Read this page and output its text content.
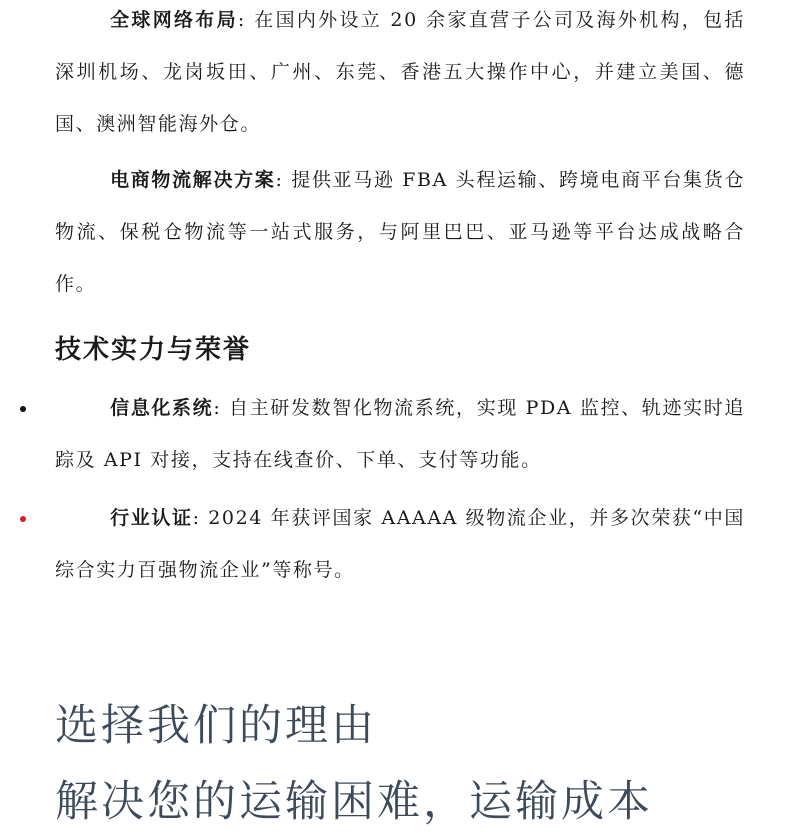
全球网络布局: 在国内外设立 20 余家直营子公司及海外机构，包括深圳机场、龙岗坂田、广州、东莞、香港五大操作中心，并建立美国、德国、澳洲智能海外仓。

电商物流解决方案: 提供亚马逊 FBA 头程运输、跨境电商平台集货仓物流、保税仓物流等一站式服务，与阿里巴巴、亚马逊等平台达成战略合作。

技术实力与荣誉

信息化系统: 自主研发数智化物流系统，实现 PDA 监控、轨迹实时追踪及 API 对接，支持在线查价、下单、支付等功能。

行业认证: 2024 年获评国家 AAAAA 级物流企业，并多次荣获“中国综合实力百强物流企业”等称号。

选择我们的理由

解决您的运输困难，运输成本
